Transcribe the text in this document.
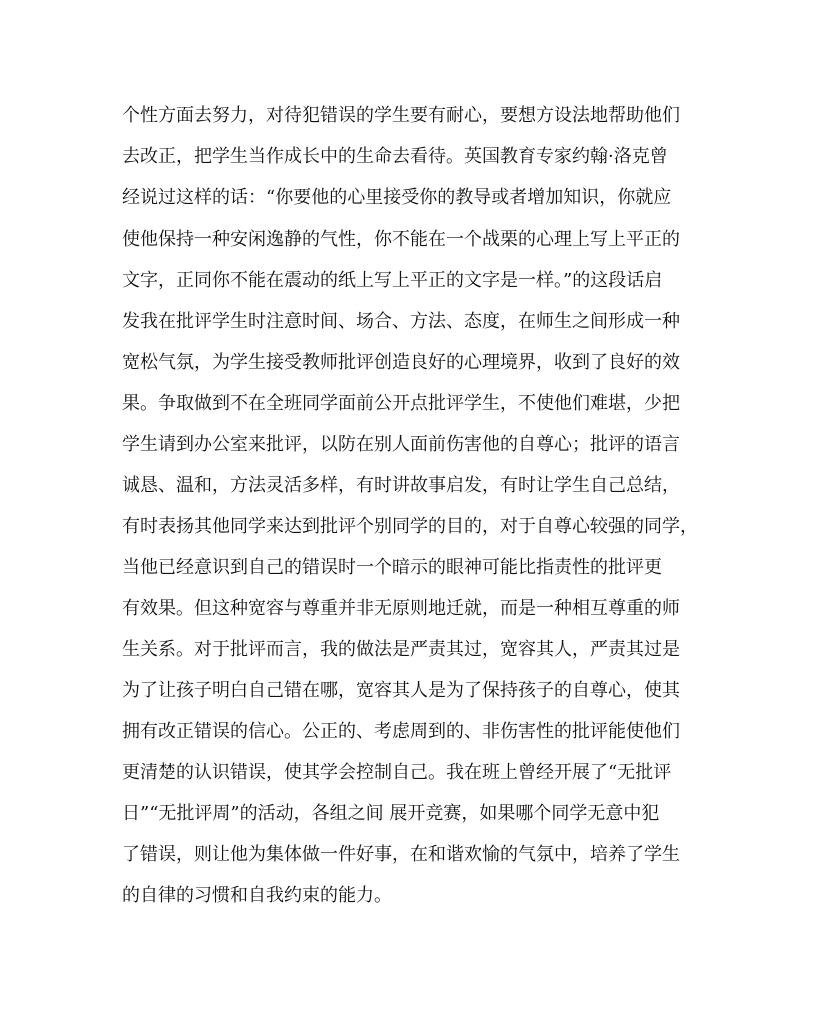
个性方面去努力，对待犯错误的学生要有耐心，要想方设法地帮助他们
去改正，把学生当作成长中的生命去看待。英国教育专家约翰·洛克曾
经说过这样的话：“你要他的心里接受你的教导或者增加知识，你就应
使他保持一种安闲逸静的气性，你不能在一个战栗的心理上写上平正的
文字，正同你不能在震动的纸上写上平正的文字是一样。”的这段话启
发我在批评学生时注意时间、场合、方法、态度，在师生之间形成一种
宽松气氛，为学生接受教师批评创造良好的心理境界，收到了良好的效
果。争取做到不在全班同学面前公开点批评学生，不使他们难堪，少把
学生请到办公室来批评，以防在别人面前伤害他的自尊心；批评的语言
诚恳、温和，方法灵活多样，有时讲故事启发，有时让学生自己总结，
有时表扬其他同学来达到批评个别同学的目的，对于自尊心较强的同学，
当他已经意识到自己的错误时一个暗示的眼神可能比指责性的批评更
有效果。但这种宽容与尊重并非无原则地迁就，而是一种相互尊重的师
生关系。对于批评而言，我的做法是严责其过，宽容其人，严责其过是
为了让孩子明白自己错在哪，宽容其人是为了保持孩子的自尊心，使其
拥有改正错误的信心。公正的、考虑周到的、非伤害性的批评能使他们
更清楚的认识错误，使其学会控制自己。我在班上曾经开展了“无批评
日”“无批评周”的活动，各组之间 展开竞赛，如果哪个同学无意中犯
了错误，则让他为集体做一件好事，在和谐欢愉的气氛中，培养了学生
的自律的习惯和自我约束的能力。
